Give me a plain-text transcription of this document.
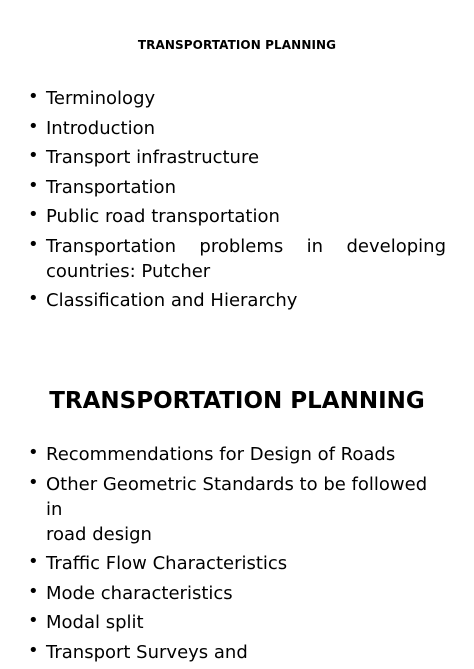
TRANSPORTATION PLANNING
• Terminology
• Introduction
• Transport infrastructure
• Transportation
• Public road transportation
• Transportation problems in developing
countries: Putcher
• Classification and Hierarchy
TRANSPORTATION PLANNING
• Recommendations for Design of Roads
• Other Geometric Standards to be followed in
road design
• Traffic Flow Characteristics
• Mode characteristics
• Modal split
• Transport Surveys and
